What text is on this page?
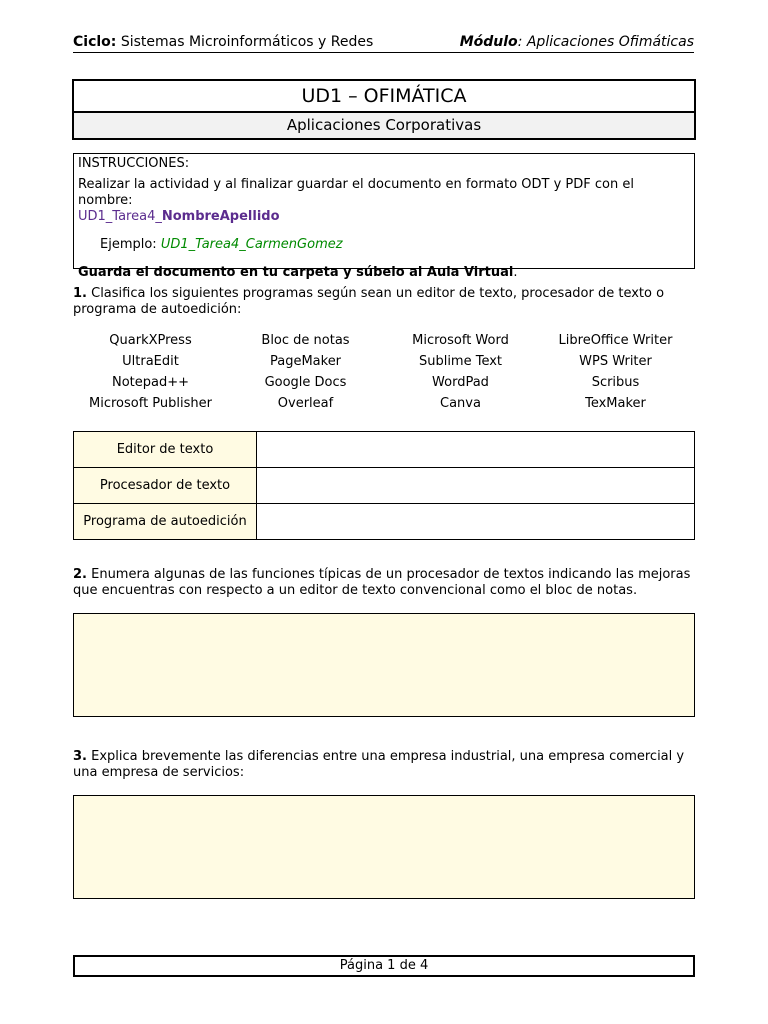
Ciclo: Sistemas Microinformáticos y Redes	Módulo: Aplicaciones Ofimáticas
UD1 – OFIMÁTICA
Aplicaciones Corporativas
INSTRUCCIONES:
Realizar la actividad y al finalizar guardar el documento en formato ODT y PDF con el nombre:
UD1_Tarea4_NombreApellido
Ejemplo: UD1_Tarea4_CarmenGomez
Guarda el documento en tu carpeta y súbelo al Aula Virtual.
1. Clasifica los siguientes programas según sean un editor de texto, procesador de texto o programa de autoedición:
QuarkXPress	Bloc de notas	Microsoft Word	LibreOffice Writer
UltraEdit	PageMaker	Sublime Text	WPS Writer
Notepad++	Google Docs	WordPad	Scribus
Microsoft Publisher	Overleaf	Canva	TexMaker
Editor de texto	
Procesador de texto	
Programa de autoedición	
2. Enumera algunas de las funciones típicas de un procesador de textos indicando las mejoras que encuentras con respecto a un editor de texto convencional como el bloc de notas.
3. Explica brevemente las diferencias entre una empresa industrial, una empresa comercial y una empresa de servicios:
Página 1 de 4
